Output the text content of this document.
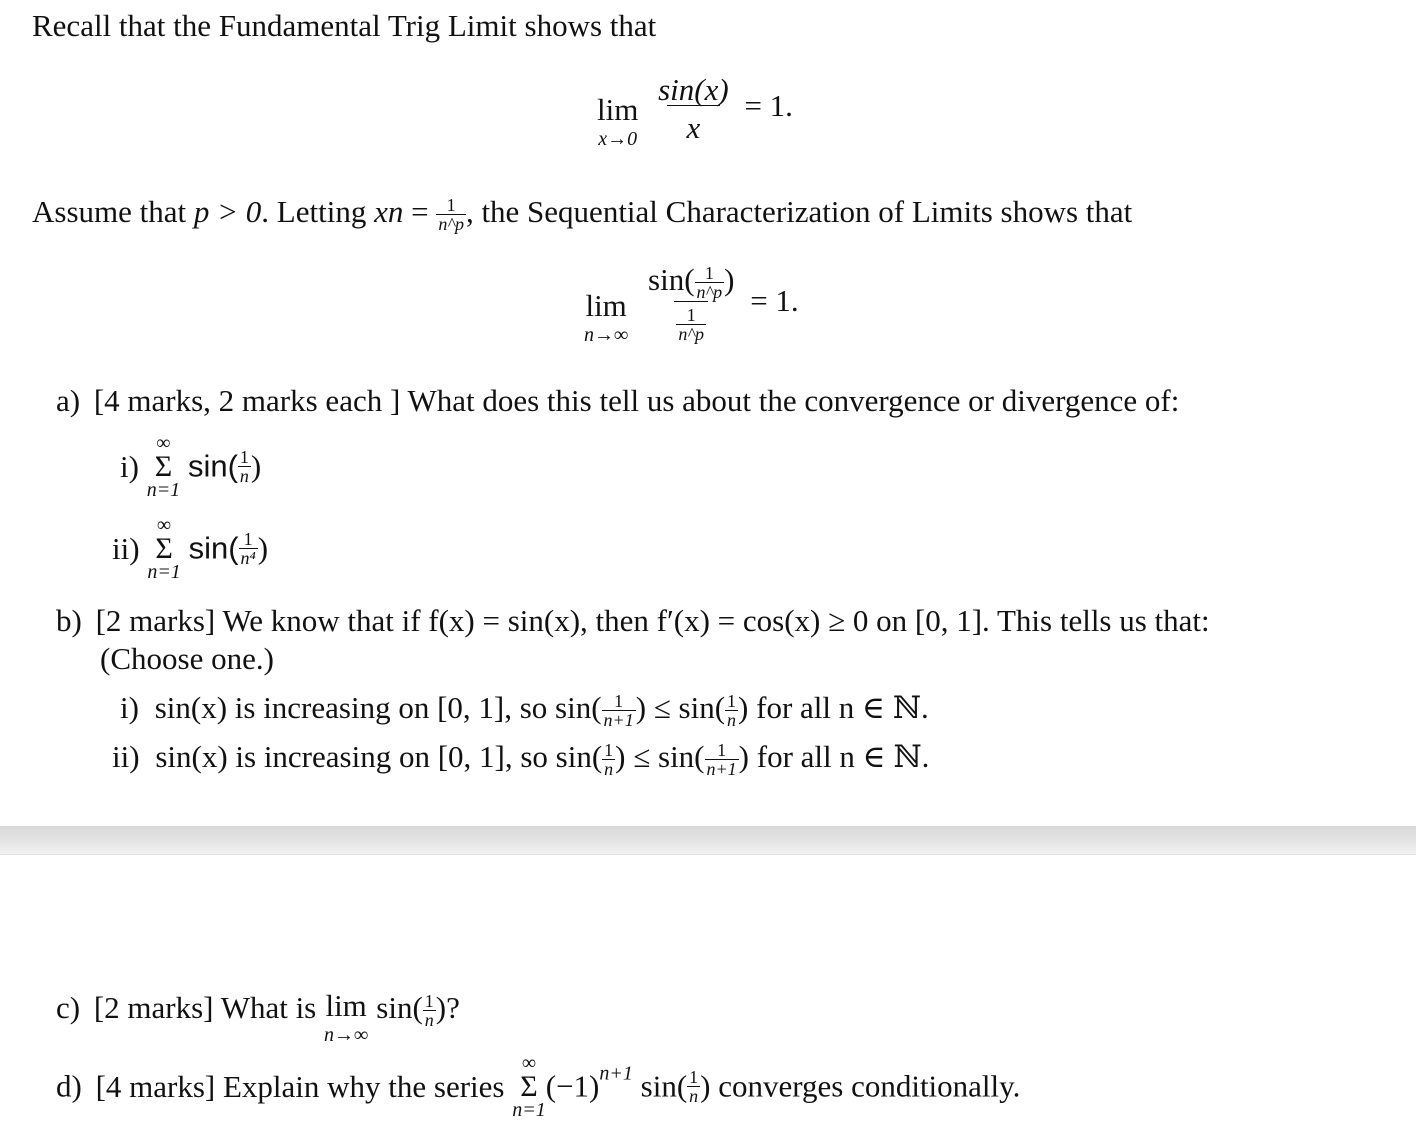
Recall that the Fundamental Trig Limit shows that
lim
x→0
$\frac{\sin(x)}{x} = 1$.
Assume that p > 0. Letting xn = $\frac{1}{n\^{}p}$ , the Sequential Characterization of Limits shows that
lim
n→∞
$\frac{\sin( \frac{1}{n\^{}p} )}{\frac{1}{n\^{}p}} = 1$.
a) [4 marks, 2 marks each ] What does this tell us about the convergence or divergence of:
i)
∞
Σ
n=1
$\sin( \frac{1}{n}$ )
ii)
∞
Σ
n=1
$\sin( \frac{1}{\text{n⁴}}$ )
b) [2 marks] We know that if f(x) = sin(x), then f′(x) = cos(x) ≥ 0 on [0, 1]. This tells us that:
(Choose one.)
i) sin(x) is increasing on [0, 1], so $\sin( \frac{1}{n+1}$ ) ≤ $\sin( \frac{1}{n}$ ) for all n ∈ ℕ.
ii) sin(x) is increasing on [0, 1], so $\sin( \frac{1}{n}$ ) ≤ $\sin( \frac{1}{n+1}$ ) for all n ∈ ℕ.
c) [2 marks] What is lim
n→∞
$\sin( \frac{1}{n}$ )?
d) [4 marks] Explain why the series
∞
Σ
n=1
$(-1)^{n+1}$ $\sin( \frac{1}{n}$ ) converges conditionally.
